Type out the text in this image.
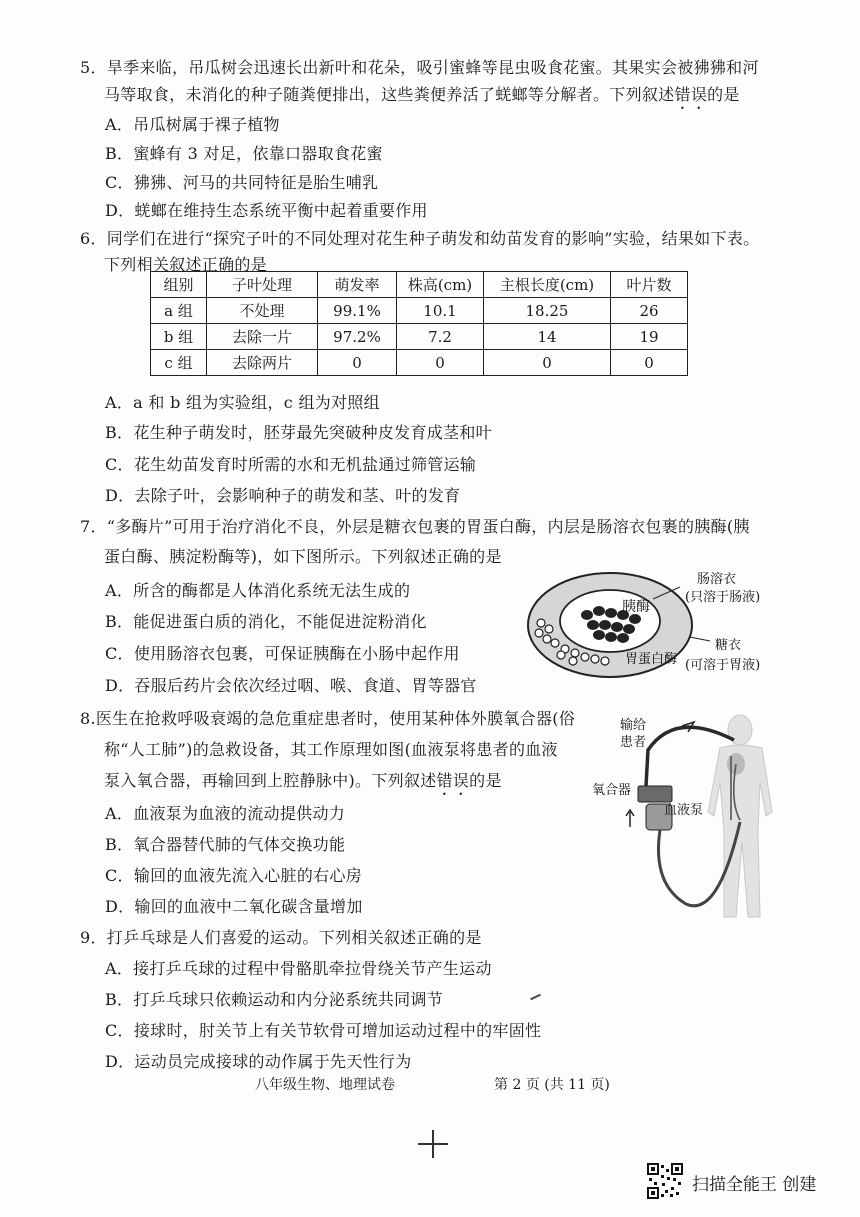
5．旱季来临，吊瓜树会迅速长出新叶和花朵，吸引蜜蜂等昆虫吸食花蜜。其果实会被狒狒和河
马等取食，未消化的种子随粪便排出，这些粪便养活了蜣螂等分解者。下列叙述错误的是
A．吊瓜树属于裸子植物
B．蜜蜂有 3 对足，依靠口器取食花蜜
C．狒狒、河马的共同特征是胎生哺乳
D．蜣螂在维持生态系统平衡中起着重要作用
6．同学们在进行“探究子叶的不同处理对花生种子萌发和幼苗发育的影响”实验，结果如下表。
下列相关叙述正确的是
组别	子叶处理	萌发率	株高(cm)	主根长度(cm)	叶片数
a 组	不处理	99.1%	10.1	18.25	26
b 组	去除一片	97.2%	7.2	14	19
c 组	去除两片	0	0	0	0
A．a 和 b 组为实验组，c 组为对照组
B．花生种子萌发时，胚芽最先突破种皮发育成茎和叶
C．花生幼苗发育时所需的水和无机盐通过筛管运输
D．去除子叶，会影响种子的萌发和茎、叶的发育
7．“多酶片”可用于治疗消化不良，外层是糖衣包裹的胃蛋白酶，内层是肠溶衣包裹的胰酶(胰
蛋白酶、胰淀粉酶等)，如下图所示。下列叙述正确的是
A．所含的酶都是人体消化系统无法生成的
B．能促进蛋白质的消化，不能促进淀粉消化
C．使用肠溶衣包裹，可保证胰酶在小肠中起作用
D．吞服后药片会依次经过咽、喉、食道、胃等器官
胰酶
胃蛋白酶
肠溶衣
(只溶于肠液)
糖衣
(可溶于胃液)
8.医生在抢救呼吸衰竭的急危重症患者时，使用某种体外膜氧合器(俗
称“人工肺”)的急救设备，其工作原理如图(血液泵将患者的血液
泵入氧合器，再输回到上腔静脉中)。下列叙述错误的是
A．血液泵为血液的流动提供动力
B．氧合器替代肺的气体交换功能
C．输回的血液先流入心脏的右心房
D．输回的血液中二氧化碳含量增加
输给
患者
氧合器
血液泵
9．打乒乓球是人们喜爱的运动。下列相关叙述正确的是
A．接打乒乓球的过程中骨骼肌牵拉骨绕关节产生运动
B．打乒乓球只依赖运动和内分泌系统共同调节
C．接球时，肘关节上有关节软骨可增加运动过程中的牢固性
D．运动员完成接球的动作属于先天性行为
八年级生物、地理试卷	第 2 页 (共 11 页)
扫描全能王 创建
